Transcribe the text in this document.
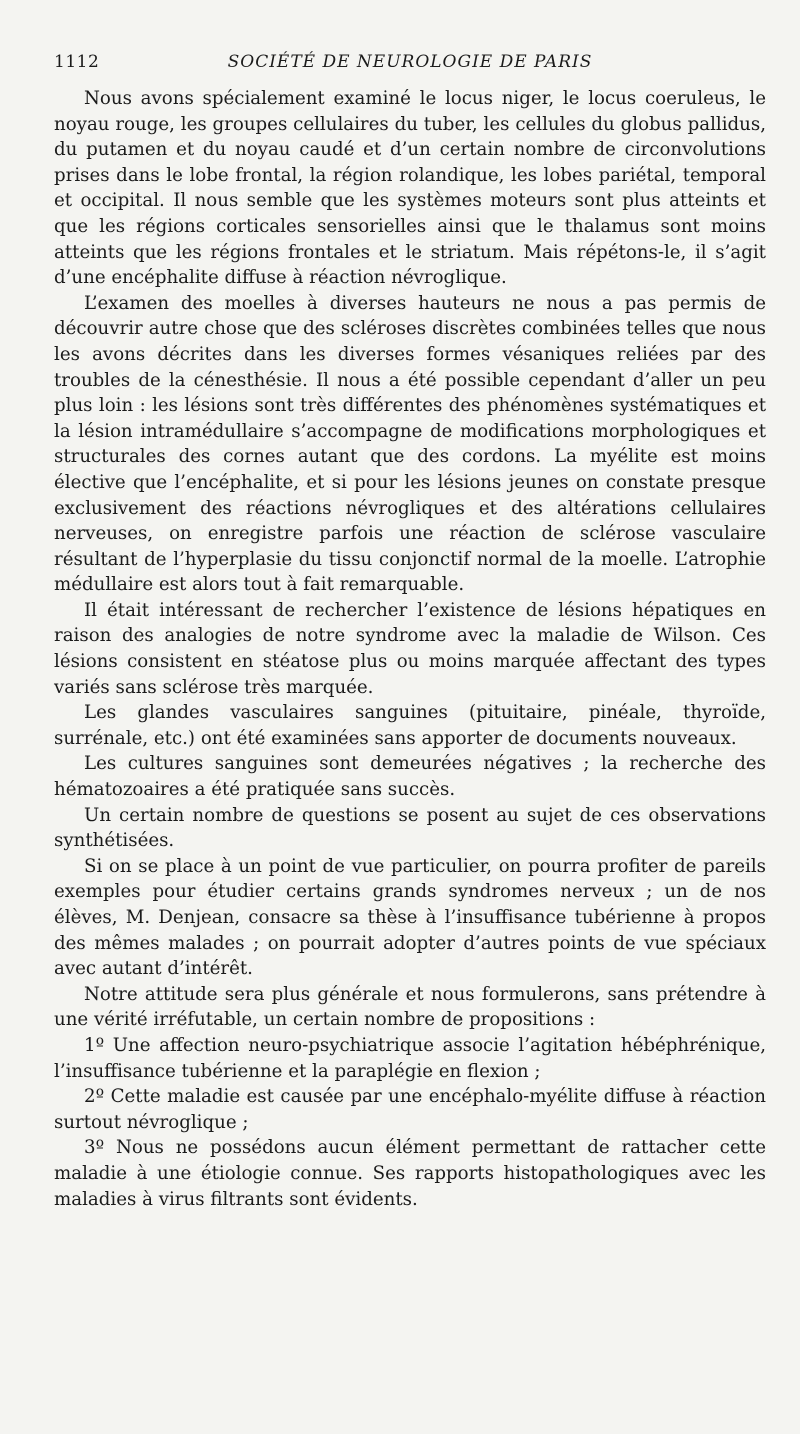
1112	SOCIÉTÉ DE NEUROLOGIE DE PARIS

Nous avons spécialement examiné le locus niger, le locus coeruleus, le noyau rouge, les groupes cellulaires du tuber, les cellules du globus pallidus, du putamen et du noyau caudé et d’un certain nombre de circonvolutions prises dans le lobe frontal, la région rolandique, les lobes pariétal, temporal et occipital. Il nous semble que les systèmes moteurs sont plus atteints et que les régions corticales sensorielles ainsi que le thalamus sont moins atteints que les régions frontales et le striatum. Mais répétons-le, il s’agit d’une encéphalite diffuse à réaction névroglique.

L’examen des moelles à diverses hauteurs ne nous a pas permis de découvrir autre chose que des scléroses discrètes combinées telles que nous les avons décrites dans les diverses formes vésaniques reliées par des troubles de la cénesthésie. Il nous a été possible cependant d’aller un peu plus loin : les lésions sont très différentes des phénomènes systématiques et la lésion intramédullaire s’accompagne de modifications morphologiques et structurales des cornes autant que des cordons. La myélite est moins élective que l’encéphalite, et si pour les lésions jeunes on constate presque exclusivement des réactions névrogliques et des altérations cellulaires nerveuses, on enregistre parfois une réaction de sclérose vasculaire résultant de l’hyperplasie du tissu conjonctif normal de la moelle. L’atrophie médullaire est alors tout à fait remarquable.

Il était intéressant de rechercher l’existence de lésions hépatiques en raison des analogies de notre syndrome avec la maladie de Wilson. Ces lésions consistent en stéatose plus ou moins marquée affectant des types variés sans sclérose très marquée.

Les glandes vasculaires sanguines (pituitaire, pinéale, thyroïde, surrénale, etc.) ont été examinées sans apporter de documents nouveaux.

Les cultures sanguines sont demeurées négatives ; la recherche des hématozoaires a été pratiquée sans succès.

Un certain nombre de questions se posent au sujet de ces observations synthétisées.

Si on se place à un point de vue particulier, on pourra profiter de pareils exemples pour étudier certains grands syndromes nerveux ; un de nos élèves, M. Denjean, consacre sa thèse à l’insuffisance tubérienne à propos des mêmes malades ; on pourrait adopter d’autres points de vue spéciaux avec autant d’intérêt.

Notre attitude sera plus générale et nous formulerons, sans prétendre à une vérité irréfutable, un certain nombre de propositions :

1º Une affection neuro-psychiatrique associe l’agitation hébéphrénique, l’insuffisance tubérienne et la paraplégie en flexion ;

2º Cette maladie est causée par une encéphalo-myélite diffuse à réaction surtout névroglique ;

3º Nous ne possédons aucun élément permettant de rattacher cette maladie à une étiologie connue. Ses rapports histopathologiques avec les maladies à virus filtrants sont évidents.
